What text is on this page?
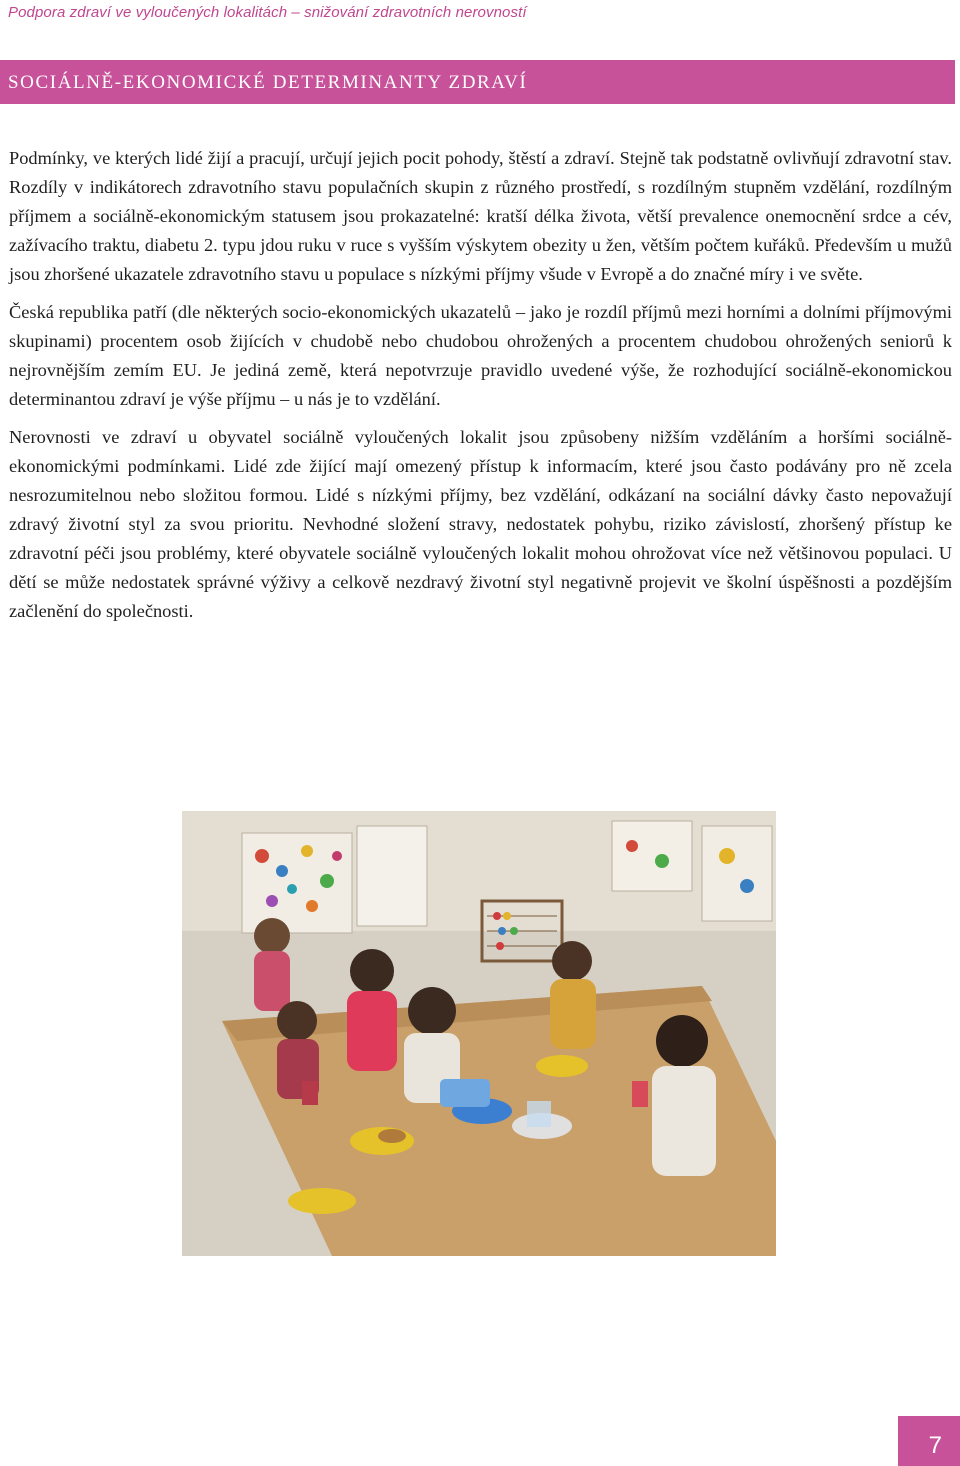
Podpora zdraví ve vyloučených lokalitách – snižování zdravotních nerovností
SOCIÁLNĚ-EKONOMICKÉ DETERMINANTY ZDRAVÍ

Podmínky, ve kterých lidé žijí a pracují, určují jejich pocit pohody, štěstí a zdraví. Stejně tak podstatně ovlivňují zdravotní stav. Rozdíly v indikátorech zdravotního stavu populačních skupin z různého prostředí, s rozdílným stupněm vzdělání, rozdílným příjmem a sociálně-ekonomickým statusem jsou prokazatelné: kratší délka života, větší prevalence onemocnění srdce a cév, zažívacího traktu, diabetu 2. typu jdou ruku v ruce s vyšším výskytem obezity u žen, větším počtem kuřáků. Především u mužů jsou zhoršené ukazatele zdravotního stavu u populace s nízkými příjmy všude v Evropě a do značné míry i ve světe.

Česká republika patří (dle některých socio-ekonomických ukazatelů – jako je rozdíl příjmů mezi horními a dolními příjmovými skupinami) procentem osob žijících v chudobě nebo chudobou ohrožených a procentem chudobou ohrožených seniorů k nejrovnějším zemím EU. Je jediná země, která nepotvrzuje pravidlo uvedené výše, že rozhodující sociálně-ekonomickou determinantou zdraví je výše příjmu – u nás je to vzdělání.

Nerovnosti ve zdraví u obyvatel sociálně vyloučených lokalit jsou způsobeny nižším vzděláním a horšími sociálně-ekonomickými podmínkami. Lidé zde žijící mají omezený přístup k informacím, které jsou často podávány pro ně zcela nesrozumitelnou nebo složitou formou. Lidé s nízkými příjmy, bez vzdělání, odkázaní na sociální dávky často nepovažují zdravý životní styl za svou prioritu. Nevhodné složení stravy, nedostatek pohybu, riziko závislostí, zhoršený přístup ke zdravotní péči jsou problémy, které obyvatele sociálně vyloučených lokalit mohou ohrožovat více než většinovou populaci. U dětí se může nedostatek správné výživy a celkově nezdravý životní styl negativně projevit ve školní úspěšnosti a pozdějším začlenění do společnosti.

7
